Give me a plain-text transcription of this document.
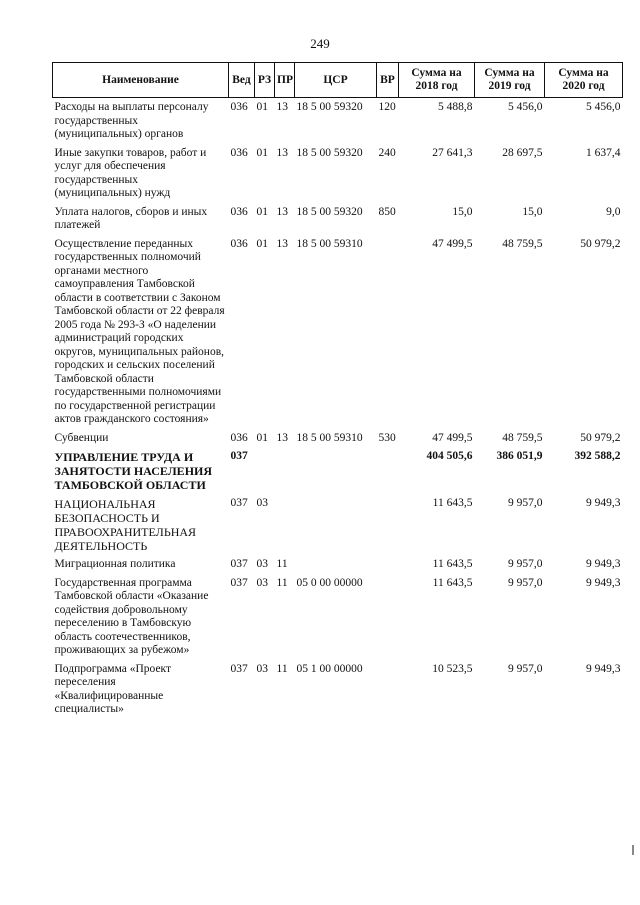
249
Наименование	Вед	РЗ	ПР	ЦСР	ВР	Сумма на 2018 год	Сумма на 2019 год	Сумма на 2020 год
Расходы на выплаты персоналу государственных (муниципальных) органов	036	01	13	18 5 00 59320	120	5 488,8	5 456,0	5 456,0
Иные закупки товаров, работ и услуг для обеспечения государственных (муниципальных) нужд	036	01	13	18 5 00 59320	240	27 641,3	28 697,5	1 637,4
Уплата налогов, сборов и иных платежей	036	01	13	18 5 00 59320	850	15,0	15,0	9,0
Осуществление переданных государственных полномочий органами местного самоуправления Тамбовской области в соответствии с Законом Тамбовской области от 22 февраля 2005 года № 293-З «О наделении администраций городских округов, муниципальных районов, городских и сельских поселений Тамбовской области государственными полномочиями по государственной регистрации актов гражданского состояния»	036	01	13	18 5 00 59310		47 499,5	48 759,5	50 979,2
Субвенции	036	01	13	18 5 00 59310	530	47 499,5	48 759,5	50 979,2
УПРАВЛЕНИЕ ТРУДА И ЗАНЯТОСТИ НАСЕЛЕНИЯ ТАМБОВСКОЙ ОБЛАСТИ	037					404 505,6	386 051,9	392 588,2
НАЦИОНАЛЬНАЯ БЕЗОПАСНОСТЬ И ПРАВООХРАНИТЕЛЬНАЯ ДЕЯТЕЛЬНОСТЬ	037	03				11 643,5	9 957,0	9 949,3
Миграционная политика	037	03	11			11 643,5	9 957,0	9 949,3
Государственная программа Тамбовской области «Оказание содействия добровольному переселению в Тамбовскую область соотечественников, проживающих за рубежом»	037	03	11	05 0 00 00000		11 643,5	9 957,0	9 949,3
Подпрограмма «Проект переселения «Квалифицированные специалисты»	037	03	11	05 1 00 00000		10 523,5	9 957,0	9 949,3
